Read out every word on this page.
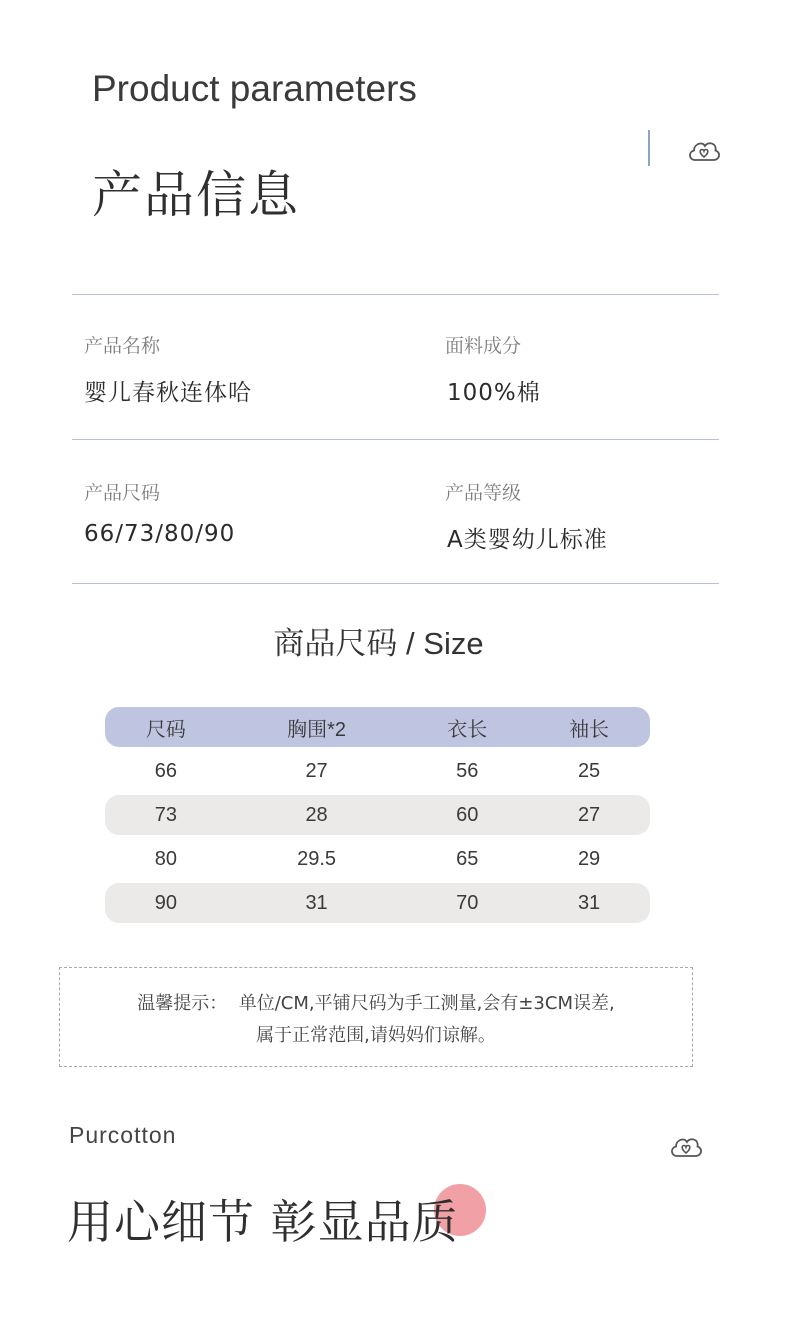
Product parameters
产品信息
产品名称
婴儿春秋连体哈
面料成分
100%棉
产品尺码
66/73/80/90
产品等级
A类婴幼儿标准
商品尺码 / Size
尺码	胸围*2	衣长	袖长
66	27	56	25
73	28	60	27
80	29.5	65	29
90	31	70	31
温馨提示：  单位/CM,平铺尺码为手工测量,会有±3CM误差,
属于正常范围,请妈妈们谅解。
Purcotton
用心细节 彰显品质
